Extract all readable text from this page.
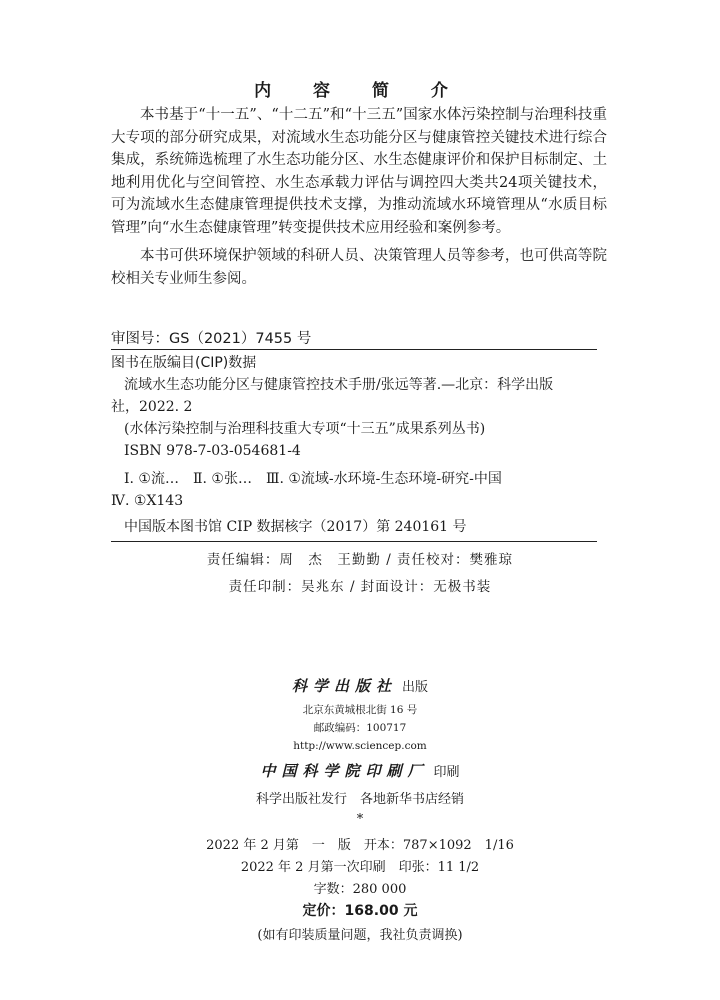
内 容 简 介

本书基于“十一五”、“十二五”和“十三五”国家水体污染控制与治理科技重大专项的部分研究成果，对流域水生态功能分区与健康管控关键技术进行综合集成，系统筛选梳理了水生态功能分区、水生态健康评价和保护目标制定、土地利用优化与空间管控、水生态承载力评估与调控四大类共24项关键技术，可为流域水生态健康管理提供技术支撑，为推动流域水环境管理从“水质目标管理”向“水生态健康管理”转变提供技术应用经验和案例参考。

本书可供环境保护领域的科研人员、决策管理人员等参考，也可供高等院校相关专业师生参阅。

审图号：GS（2021）7455 号
图书在版编目(CIP)数据
流域水生态功能分区与健康管控技术手册/张远等著.—北京：科学出版
社，2022. 2
(水体污染控制与治理科技重大专项“十三五”成果系列丛书)
ISBN 978-7-03-054681-4
Ⅰ. ①流…　Ⅱ. ①张…　Ⅲ. ①流域-水环境-生态环境-研究-中国
Ⅳ. ①X143
中国版本图书馆 CIP 数据核字（2017）第 240161 号
责任编辑：周　杰　王勤勤 / 责任校对：樊雅琼
责任印制：吴兆东 / 封面设计：无极书装
科学出版社 出版
北京东黄城根北街 16 号
邮政编码：100717
http://www.sciencep.com
中国科学院印刷厂 印刷
科学出版社发行　各地新华书店经销
*
2022 年 2 月第　一　版　开本：787×1092　1/16
2022 年 2 月第一次印刷　印张：11 1/2
字数：280 000
定价：168.00 元
(如有印装质量问题，我社负责调换)
